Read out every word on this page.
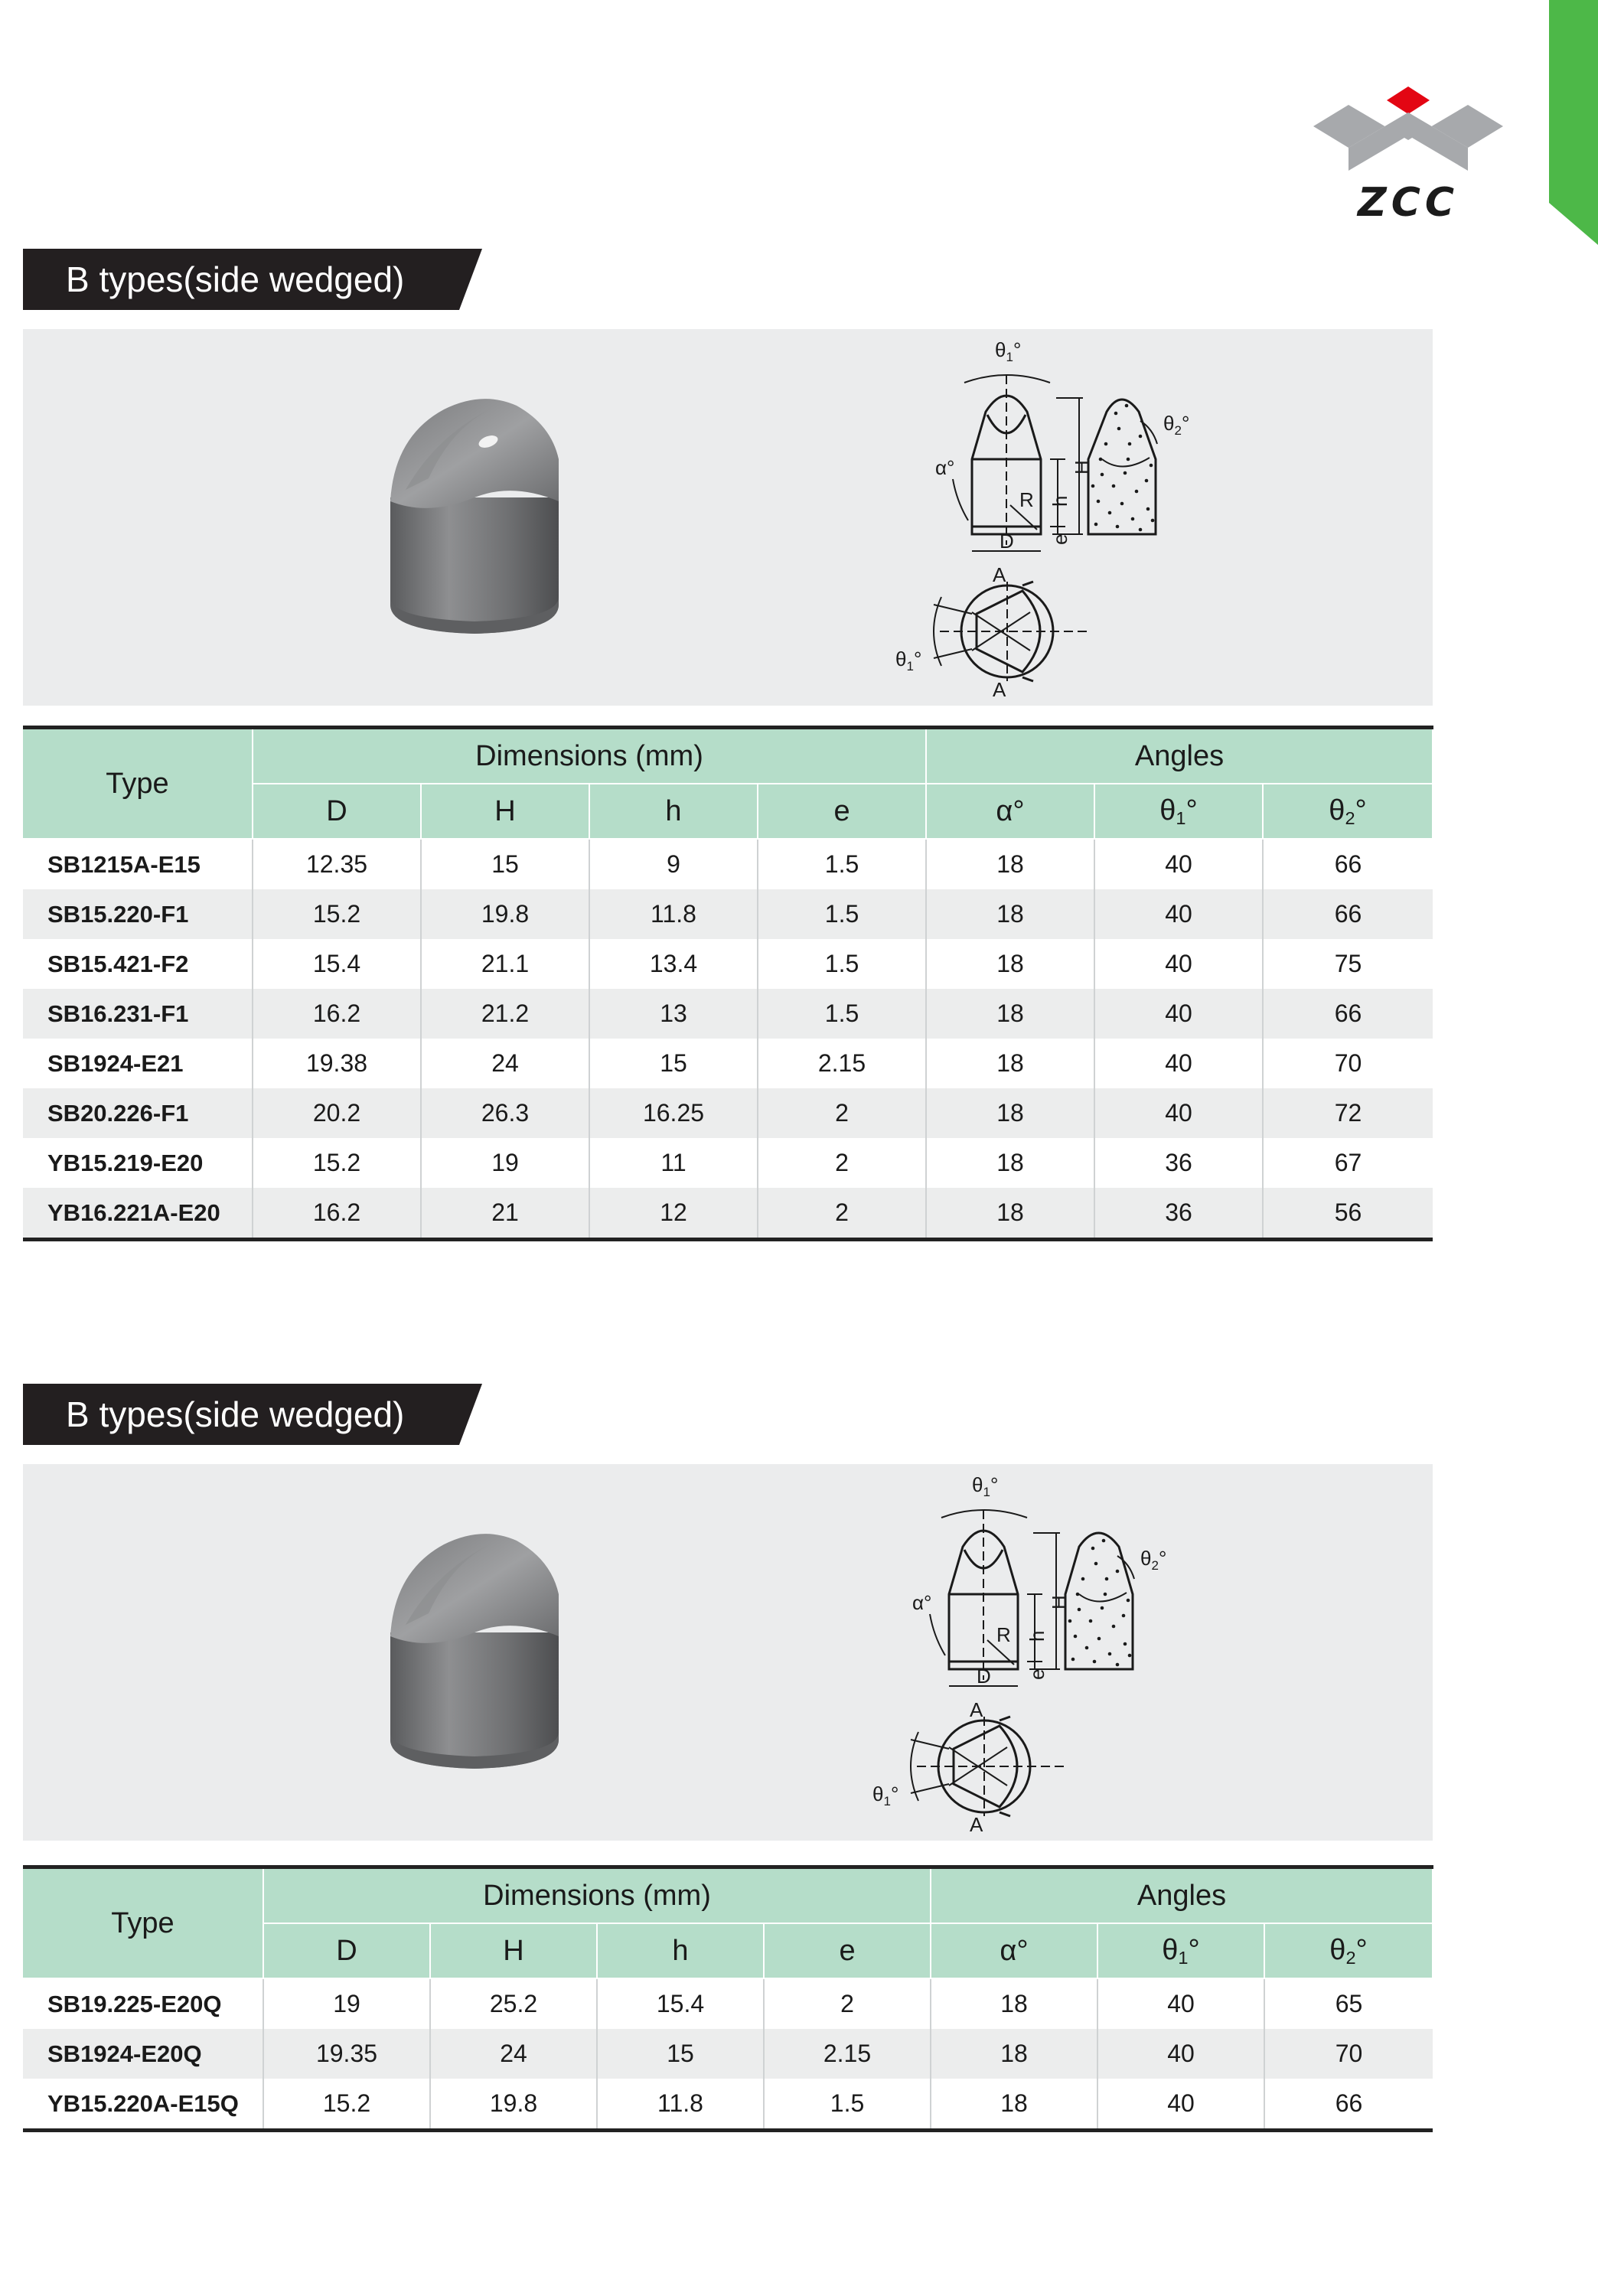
ZCC
B types(side wedged)
$\theta_1^\circ$
$\theta_2^\circ$
α°
R
H
h
e
D
A
A
$\theta_1^\circ$
Type	Dimensions (mm)				Angles		
	D	H	h	e	α°	$\theta_1^\circ$	$\theta_2^\circ$
SB1215A-E15	12.35	15	9	1.5	18	40	66
SB15.220-F1	15.2	19.8	11.8	1.5	18	40	66
SB15.421-F2	15.4	21.1	13.4	1.5	18	40	75
SB16.231-F1	16.2	21.2	13	1.5	18	40	66
SB1924-E21	19.38	24	15	2.15	18	40	70
SB20.226-F1	20.2	26.3	16.25	2	18	40	72
YB15.219-E20	15.2	19	11	2	18	36	67
YB16.221A-E20	16.2	21	12	2	18	36	56
B types(side wedged)
$\theta_1^\circ$
$\theta_2^\circ$
α°
R
H
h
e
D
A
A
$\theta_1^\circ$
Type	Dimensions (mm)				Angles		
	D	H	h	e	α°	$\theta_1^\circ$	$\theta_2^\circ$
SB19.225-E20Q	19	25.2	15.4	2	18	40	65
SB1924-E20Q	19.35	24	15	2.15	18	40	70
YB15.220A-E15Q	15.2	19.8	11.8	1.5	18	40	66
